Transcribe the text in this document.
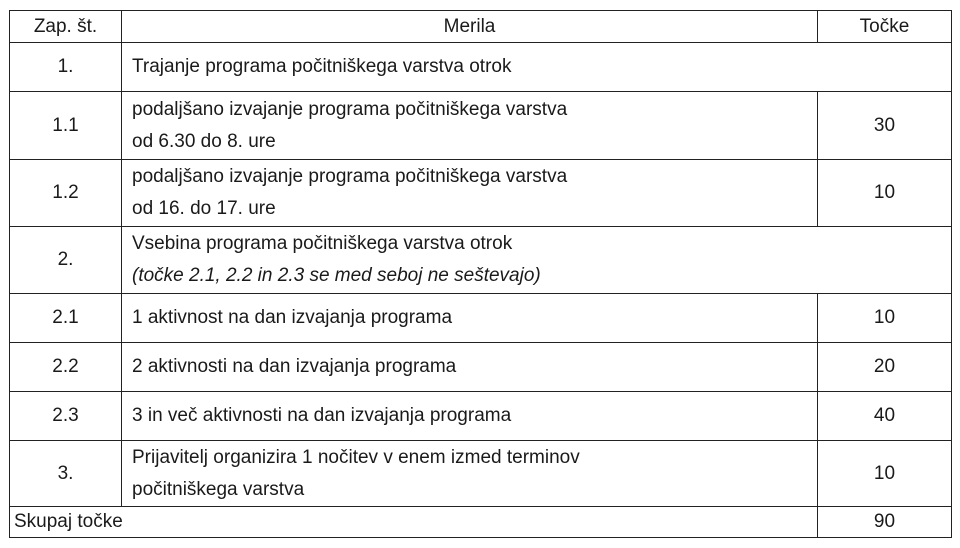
Zap. št.	Merila	Točke
1.	Trajanje programa počitniškega varstva otrok	
1.1	podaljšano izvajanje programa počitniškega varstva
od 6.30 do 8. ure	30
1.2	podaljšano izvajanje programa počitniškega varstva
od 16. do 17. ure	10
2.	Vsebina programa počitniškega varstva otrok
(točke 2.1, 2.2 in 2.3 se med seboj ne seštevajo)	
2.1	1 aktivnost na dan izvajanja programa	10
2.2	2 aktivnosti na dan izvajanja programa	20
2.3	3 in več aktivnosti na dan izvajanja programa	40
3.	Prijavitelj organizira 1 nočitev v enem izmed terminov
počitniškega varstva	10
Skupaj točke		90
